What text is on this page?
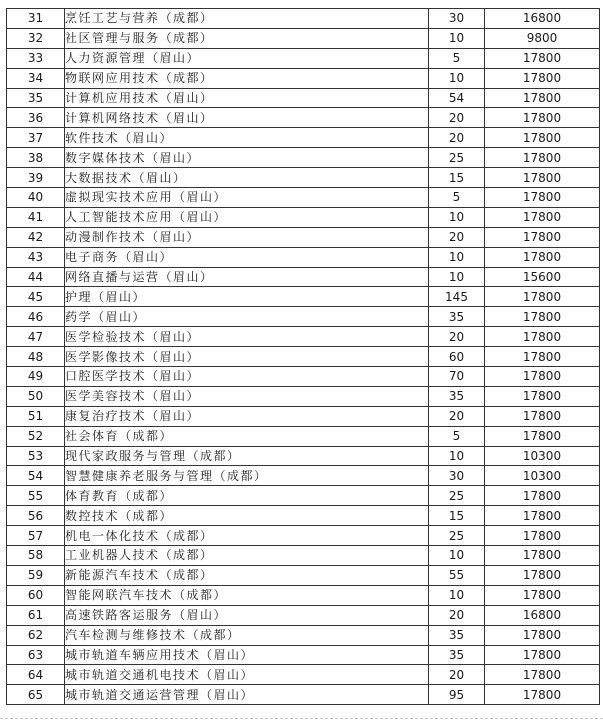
31	烹饪工艺与营养（成都）	30	16800
32	社区管理与服务（成都）	10	9800
33	人力资源管理（眉山）	5	17800
34	物联网应用技术（成都）	10	17800
35	计算机应用技术（眉山）	54	17800
36	计算机网络技术（眉山）	20	17800
37	软件技术（眉山）	20	17800
38	数字媒体技术（眉山）	25	17800
39	大数据技术（眉山）	15	17800
40	虚拟现实技术应用（眉山）	5	17800
41	人工智能技术应用（眉山）	10	17800
42	动漫制作技术（眉山）	20	17800
43	电子商务（眉山）	10	17800
44	网络直播与运营（眉山）	10	15600
45	护理（眉山）	145	17800
46	药学（眉山）	35	17800
47	医学检验技术（眉山）	20	17800
48	医学影像技术（眉山）	60	17800
49	口腔医学技术（眉山）	70	17800
50	医学美容技术（眉山）	35	17800
51	康复治疗技术（眉山）	20	17800
52	社会体育（成都）	5	17800
53	现代家政服务与管理（成都）	10	10300
54	智慧健康养老服务与管理（成都）	30	10300
55	体育教育（成都）	25	17800
56	数控技术（成都）	15	17800
57	机电一体化技术（成都）	25	17800
58	工业机器人技术（成都）	10	17800
59	新能源汽车技术（成都）	55	17800
60	智能网联汽车技术（成都）	10	17800
61	高速铁路客运服务（眉山）	20	16800
62	汽车检测与维修技术（成都）	35	17800
63	城市轨道车辆应用技术（眉山）	35	17800
64	城市轨道交通机电技术（眉山）	20	17800
65	城市轨道交通运营管理（眉山）	95	17800
